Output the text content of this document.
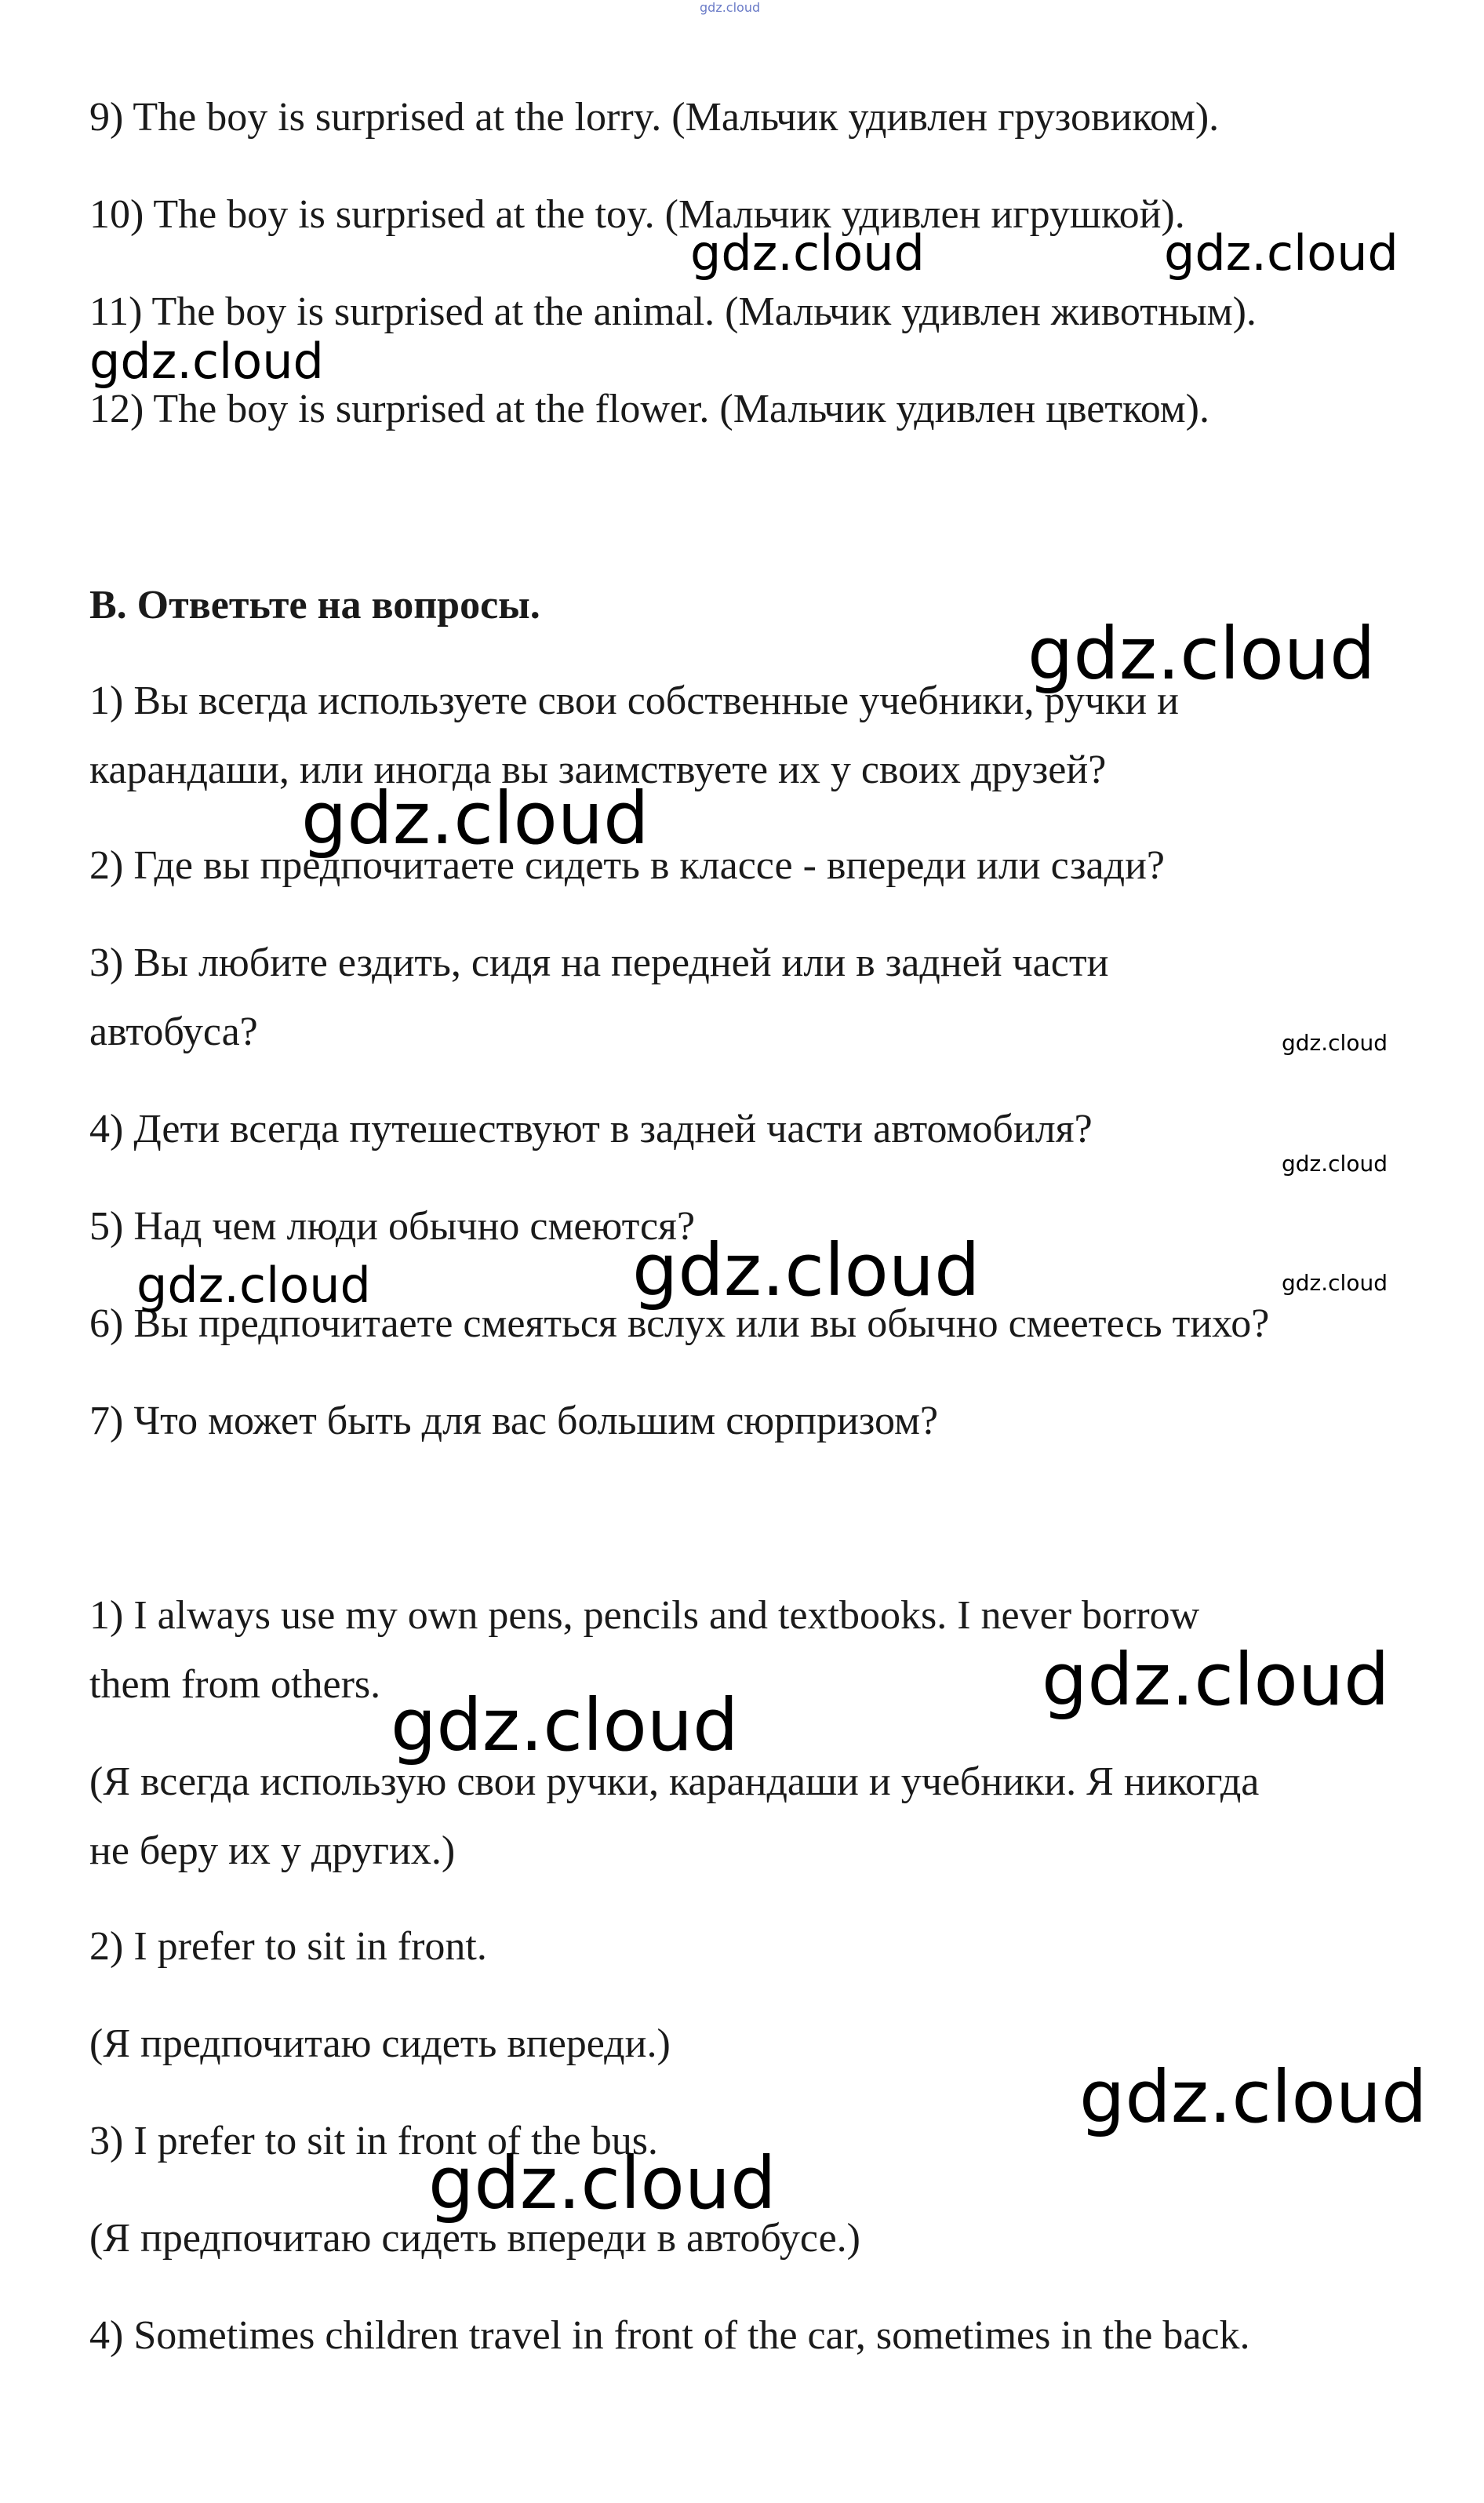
gdz.cloud
9) The boy is surprised at the lorry. (Мальчик удивлен грузовиком).
10) The boy is surprised at the toy. (Мальчик удивлен игрушкой).
11) The boy is surprised at the animal. (Мальчик удивлен животным).
12) The boy is surprised at the flower. (Мальчик удивлен цветком).
B. Ответьте на вопросы.
1) Вы всегда используете свои собственные учебники, ручки и
карандаши, или иногда вы заимствуете их у своих друзей?
2) Где вы предпочитаете сидеть в классе - впереди или сзади?
3) Вы любите ездить, сидя на передней или в задней части
автобуса?
4) Дети всегда путешествуют в задней части автомобиля?
5) Над чем люди обычно смеются?
6) Вы предпочитаете смеяться вслух или вы обычно смеетесь тихо?
7) Что может быть для вас большим сюрпризом?
1) I always use my own pens, pencils and textbooks. I never borrow
them from others.
(Я всегда использую свои ручки, карандаши и учебники. Я никогда
не беру их у других.)
2) I prefer to sit in front.
(Я предпочитаю сидеть впереди.)
3) I prefer to sit in front of the bus.
(Я предпочитаю сидеть впереди в автобусе.)
4) Sometimes children travel in front of the car, sometimes in the back.
gdz.cloud	gdz.cloud
gdz.cloud
gdz.cloud
gdz.cloud
gdz.cloud
gdz.cloud
gdz.cloud	gdz.cloud	gdz.cloud
gdz.cloud
gdz.cloud
gdz.cloud
gdz.cloud
